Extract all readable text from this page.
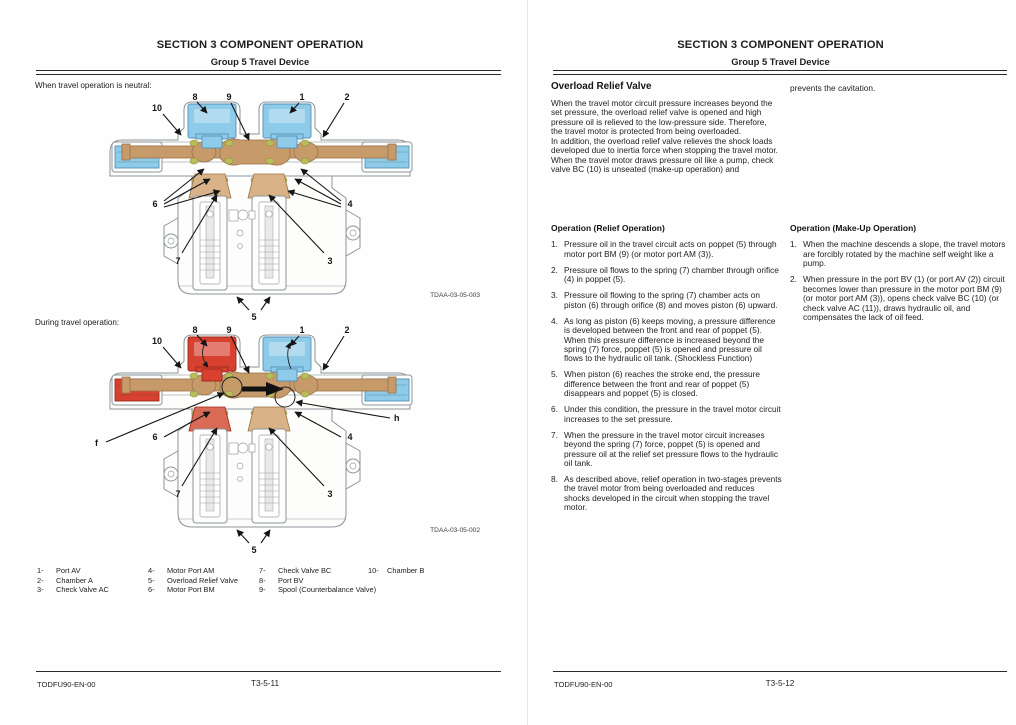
SECTION 3 COMPONENT OPERATION
Group 5 Travel Device
When travel operation is neutral:
10
8	9	1	2
6	4
7	3
5
TDAA-03-05-003
During travel operation:
10
8	9	1	2
6	4
7	3
5
f
h
TDAA-03-05-002
1-	Port AV
2-	Chamber A
3-	Check Valve AC
4-	Motor Port AM
5-	Overload Relief Valve
6-	Motor Port BM
7-	Check Valve BC
8-	Port BV
9-	Spool (Counterbalance Valve)
10-	Chamber B
TODFU90-EN-00	T3-5-11
SECTION 3 COMPONENT OPERATION
Group 5 Travel Device
Overload Relief Valve

When the travel motor circuit pressure increases beyond the set pressure, the overload relief valve is opened and high pressure oil is relieved to the low-pressure side. Therefore, the travel motor is protected from being overloaded.

In addition, the overload relief valve relieves the shock loads developed due to inertia force when stopping the travel motor.

When the travel motor draws pressure oil like a pump, check valve BC (10) is unseated (make-up operation) and

prevents the cavitation.
Operation (Relief Operation)
1. Pressure oil in the travel circuit acts on poppet (5) through motor port BM (9) (or motor port AM (3)).
2. Pressure oil flows to the spring (7) chamber through orifice (4) in poppet (5).
3. Pressure oil flowing to the spring (7) chamber acts on piston (6) through orifice (8) and moves piston (6) upward.
4. As long as piston (6) keeps moving, a pressure difference is developed between the front and rear of poppet (5). When this pressure difference is increased beyond the spring (7) force, poppet (5) is opened and pressure oil flows to the hydraulic oil tank. (Shockless Function)
5. When piston (6) reaches the stroke end, the pressure difference between the front and rear of poppet (5) disappears and poppet (5) is closed.
6. Under this condition, the pressure in the travel motor circuit increases to the set pressure.
7. When the pressure in the travel motor circuit increases beyond the spring (7) force, poppet (5) is opened and pressure oil at the relief set pressure flows to the hydraulic oil tank.
8. As described above, relief operation in two-stages prevents the travel motor from being overloaded and reduces shocks developed in the circuit when stopping the travel motor.
Operation (Make-Up Operation)
1. When the machine descends a slope, the travel motors are forcibly rotated by the machine self weight like a pump.
2. When pressure in the port BV (1) (or port AV (2)) circuit becomes lower than pressure in the motor port BM (9) (or motor port AM (3)), opens check valve BC (10) (or check valve AC (11)), draws hydraulic oil, and compensates the lack of oil feed.
TODFU90-EN-00	T3-5-12
